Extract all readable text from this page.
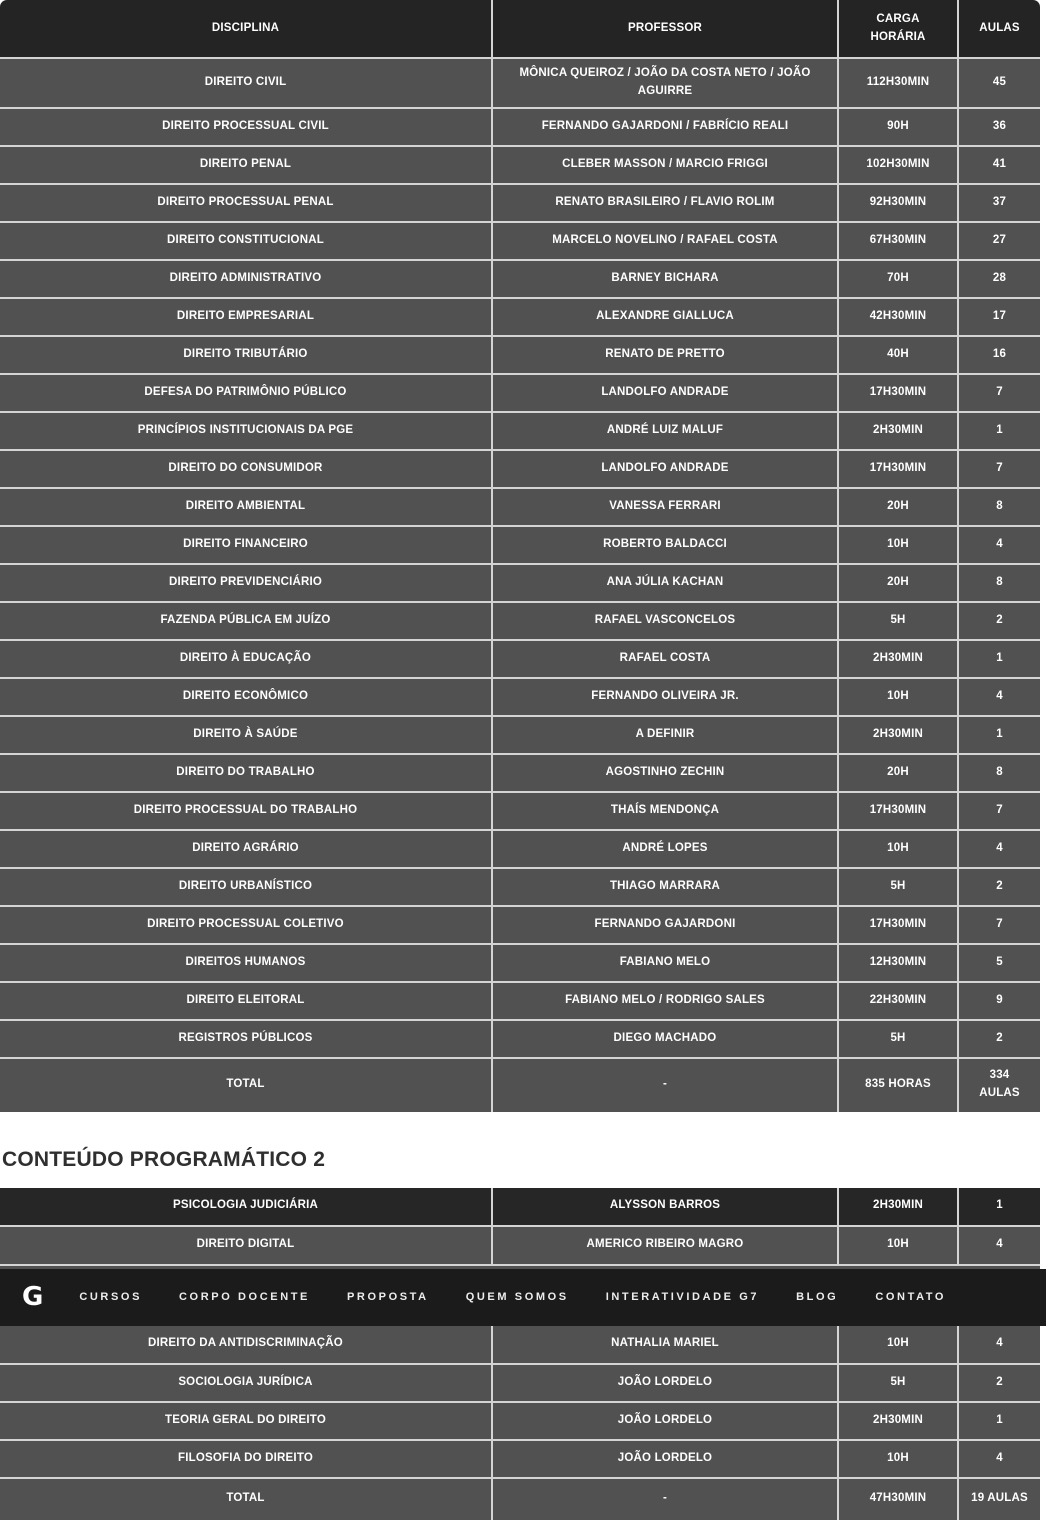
DISCIPLINA	PROFESSOR	CARGA HORÁRIA	AULAS
DIREITO CIVIL	MÔNICA QUEIROZ / JOÃO DA COSTA NETO / JOÃO AGUIRRE	112H30MIN	45
DIREITO PROCESSUAL CIVIL	FERNANDO GAJARDONI / FABRÍCIO REALI	90H	36
DIREITO PENAL	CLEBER MASSON / MARCIO FRIGGI	102H30MIN	41
DIREITO PROCESSUAL PENAL	RENATO BRASILEIRO / FLAVIO ROLIM	92H30MIN	37
DIREITO CONSTITUCIONAL	MARCELO NOVELINO / RAFAEL COSTA	67H30MIN	27
DIREITO ADMINISTRATIVO	BARNEY BICHARA	70H	28
DIREITO EMPRESARIAL	ALEXANDRE GIALLUCA	42H30MIN	17
DIREITO TRIBUTÁRIO	RENATO DE PRETTO	40H	16
DEFESA DO PATRIMÔNIO PÚBLICO	LANDOLFO ANDRADE	17H30MIN	7
PRINCÍPIOS INSTITUCIONAIS DA PGE	ANDRÉ LUIZ MALUF	2H30MIN	1
DIREITO DO CONSUMIDOR	LANDOLFO ANDRADE	17H30MIN	7
DIREITO AMBIENTAL	VANESSA FERRARI	20H	8
DIREITO FINANCEIRO	ROBERTO BALDACCI	10H	4
DIREITO PREVIDENCIÁRIO	ANA JÚLIA KACHAN	20H	8
FAZENDA PÚBLICA EM JUÍZO	RAFAEL VASCONCELOS	5H	2
DIREITO À EDUCAÇÃO	RAFAEL COSTA	2H30MIN	1
DIREITO ECONÔMICO	FERNANDO OLIVEIRA JR.	10H	4
DIREITO À SAÚDE	A DEFINIR	2H30MIN	1
DIREITO DO TRABALHO	AGOSTINHO ZECHIN	20H	8
DIREITO PROCESSUAL DO TRABALHO	THAÍS MENDONÇA	17H30MIN	7
DIREITO AGRÁRIO	ANDRÉ LOPES	10H	4
DIREITO URBANÍSTICO	THIAGO MARRARA	5H	2
DIREITO PROCESSUAL COLETIVO	FERNANDO GAJARDONI	17H30MIN	7
DIREITOS HUMANOS	FABIANO MELO	12H30MIN	5
DIREITO ELEITORAL	FABIANO MELO / RODRIGO SALES	22H30MIN	9
REGISTROS PÚBLICOS	DIEGO MACHADO	5H	2
TOTAL	-	835 HORAS	334 AULAS
CONTEÚDO PROGRAMÁTICO 2
PSICOLOGIA JUDICIÁRIA	ALYSSON BARROS	2H30MIN	1
DIREITO DIGITAL	AMERICO RIBEIRO MAGRO	10H	4
G	CURSOS	CORPO DOCENTE	PROPOSTA	QUEM SOMOS	INTERATIVIDADE G7	BLOG	CONTATO
DIREITO DA ANTIDISCRIMINAÇÃO	NATHALIA MARIEL	10H	4
SOCIOLOGIA JURÍDICA	JOÃO LORDELO	5H	2
TEORIA GERAL DO DIREITO	JOÃO LORDELO	2H30MIN	1
FILOSOFIA DO DIREITO	JOÃO LORDELO	10H	4
TOTAL	-	47H30MIN	19 AULAS
